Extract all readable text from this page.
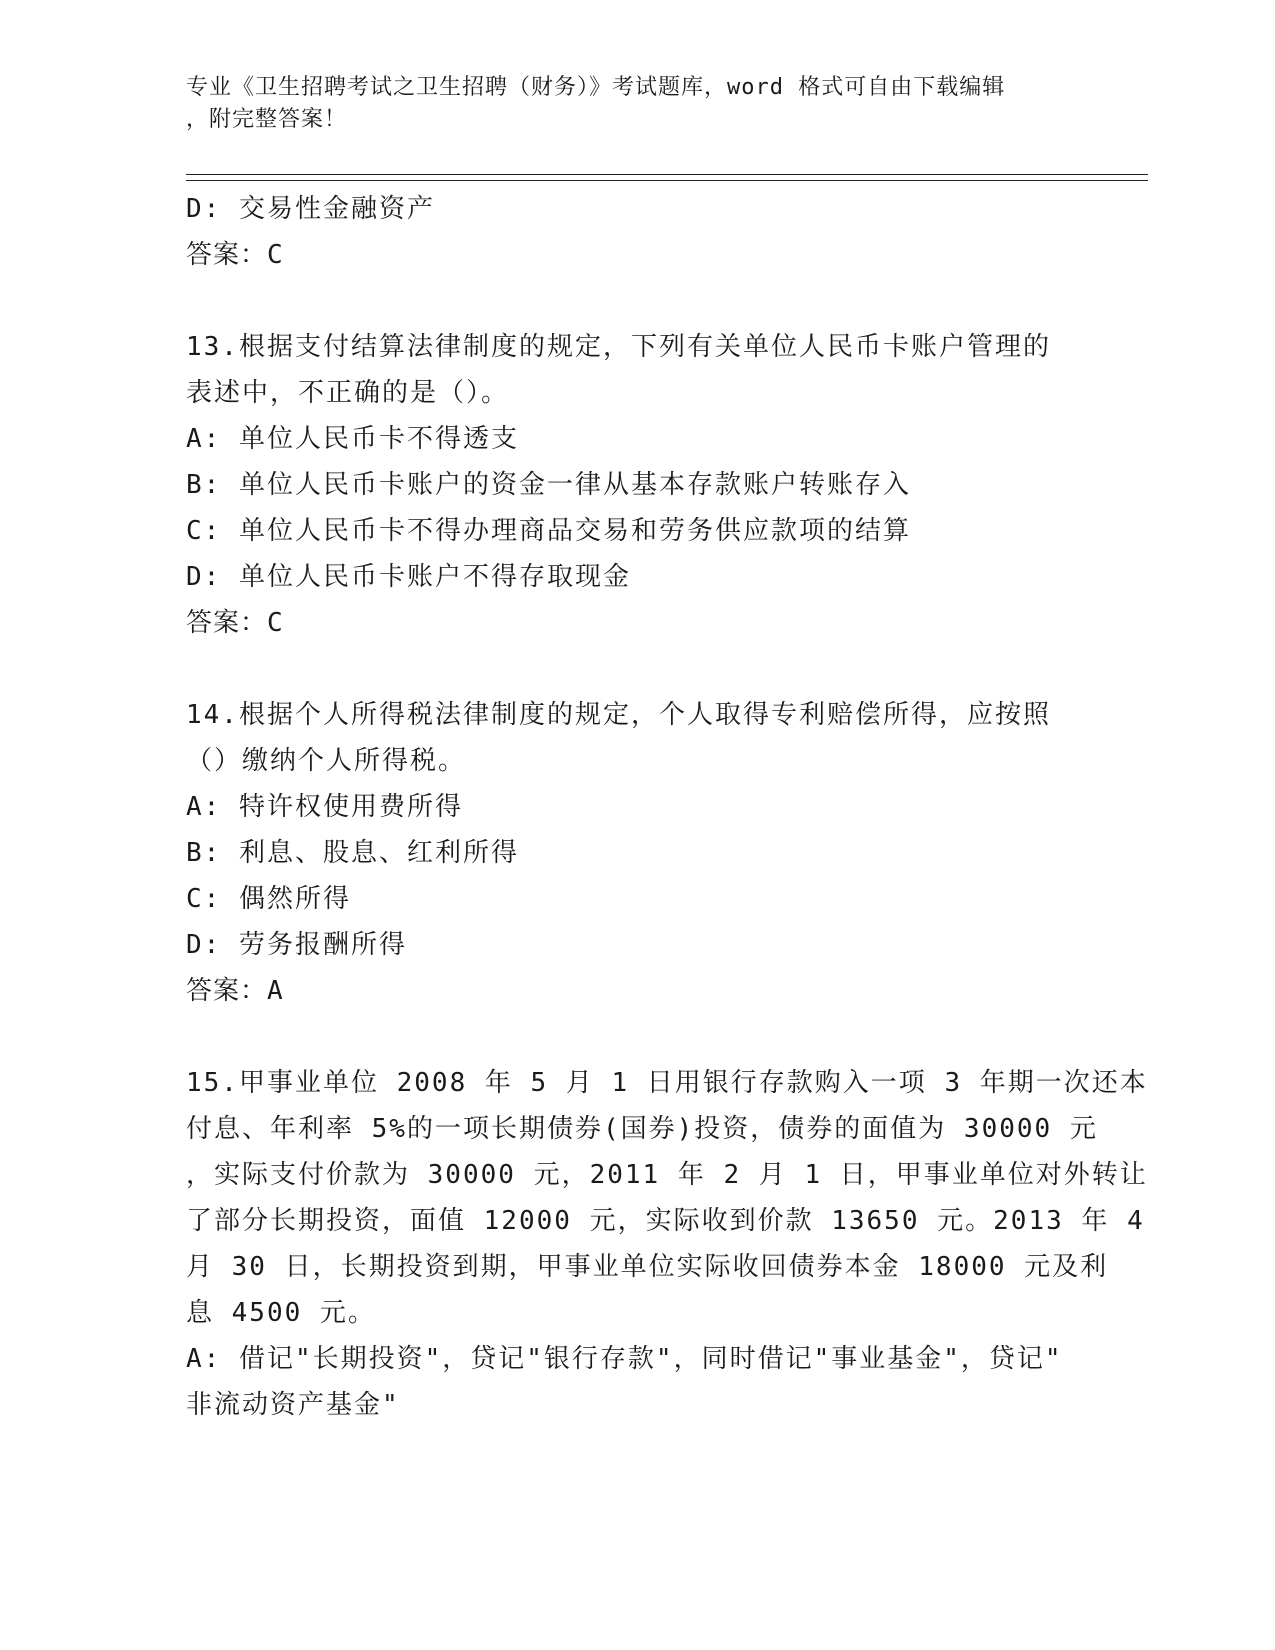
专业《卫生招聘考试之卫生招聘（财务）》考试题库，word 格式可自由下载编辑
，附完整答案！
D: 交易性金融资产
答案：C
13.根据支付结算法律制度的规定，下列有关单位人民币卡账户管理的
表述中，不正确的是（）。
A: 单位人民币卡不得透支
B: 单位人民币卡账户的资金一律从基本存款账户转账存入
C: 单位人民币卡不得办理商品交易和劳务供应款项的结算
D: 单位人民币卡账户不得存取现金
答案：C
14.根据个人所得税法律制度的规定，个人取得专利赔偿所得，应按照
（）缴纳个人所得税。
A: 特许权使用费所得
B: 利息、股息、红利所得
C: 偶然所得
D: 劳务报酬所得
答案：A
15.甲事业单位 2008 年 5 月 1 日用银行存款购入一项 3 年期一次还本
付息、年利率 5%的一项长期债券(国券)投资，债券的面值为 30000 元
，实际支付价款为 30000 元，2011 年 2 月 1 日，甲事业单位对外转让
了部分长期投资，面值 12000 元，实际收到价款 13650 元。2013 年 4
月 30 日，长期投资到期，甲事业单位实际收回债券本金 18000 元及利
息 4500 元。
A: 借记"长期投资"，贷记"银行存款"，同时借记"事业基金"，贷记"
非流动资产基金"
